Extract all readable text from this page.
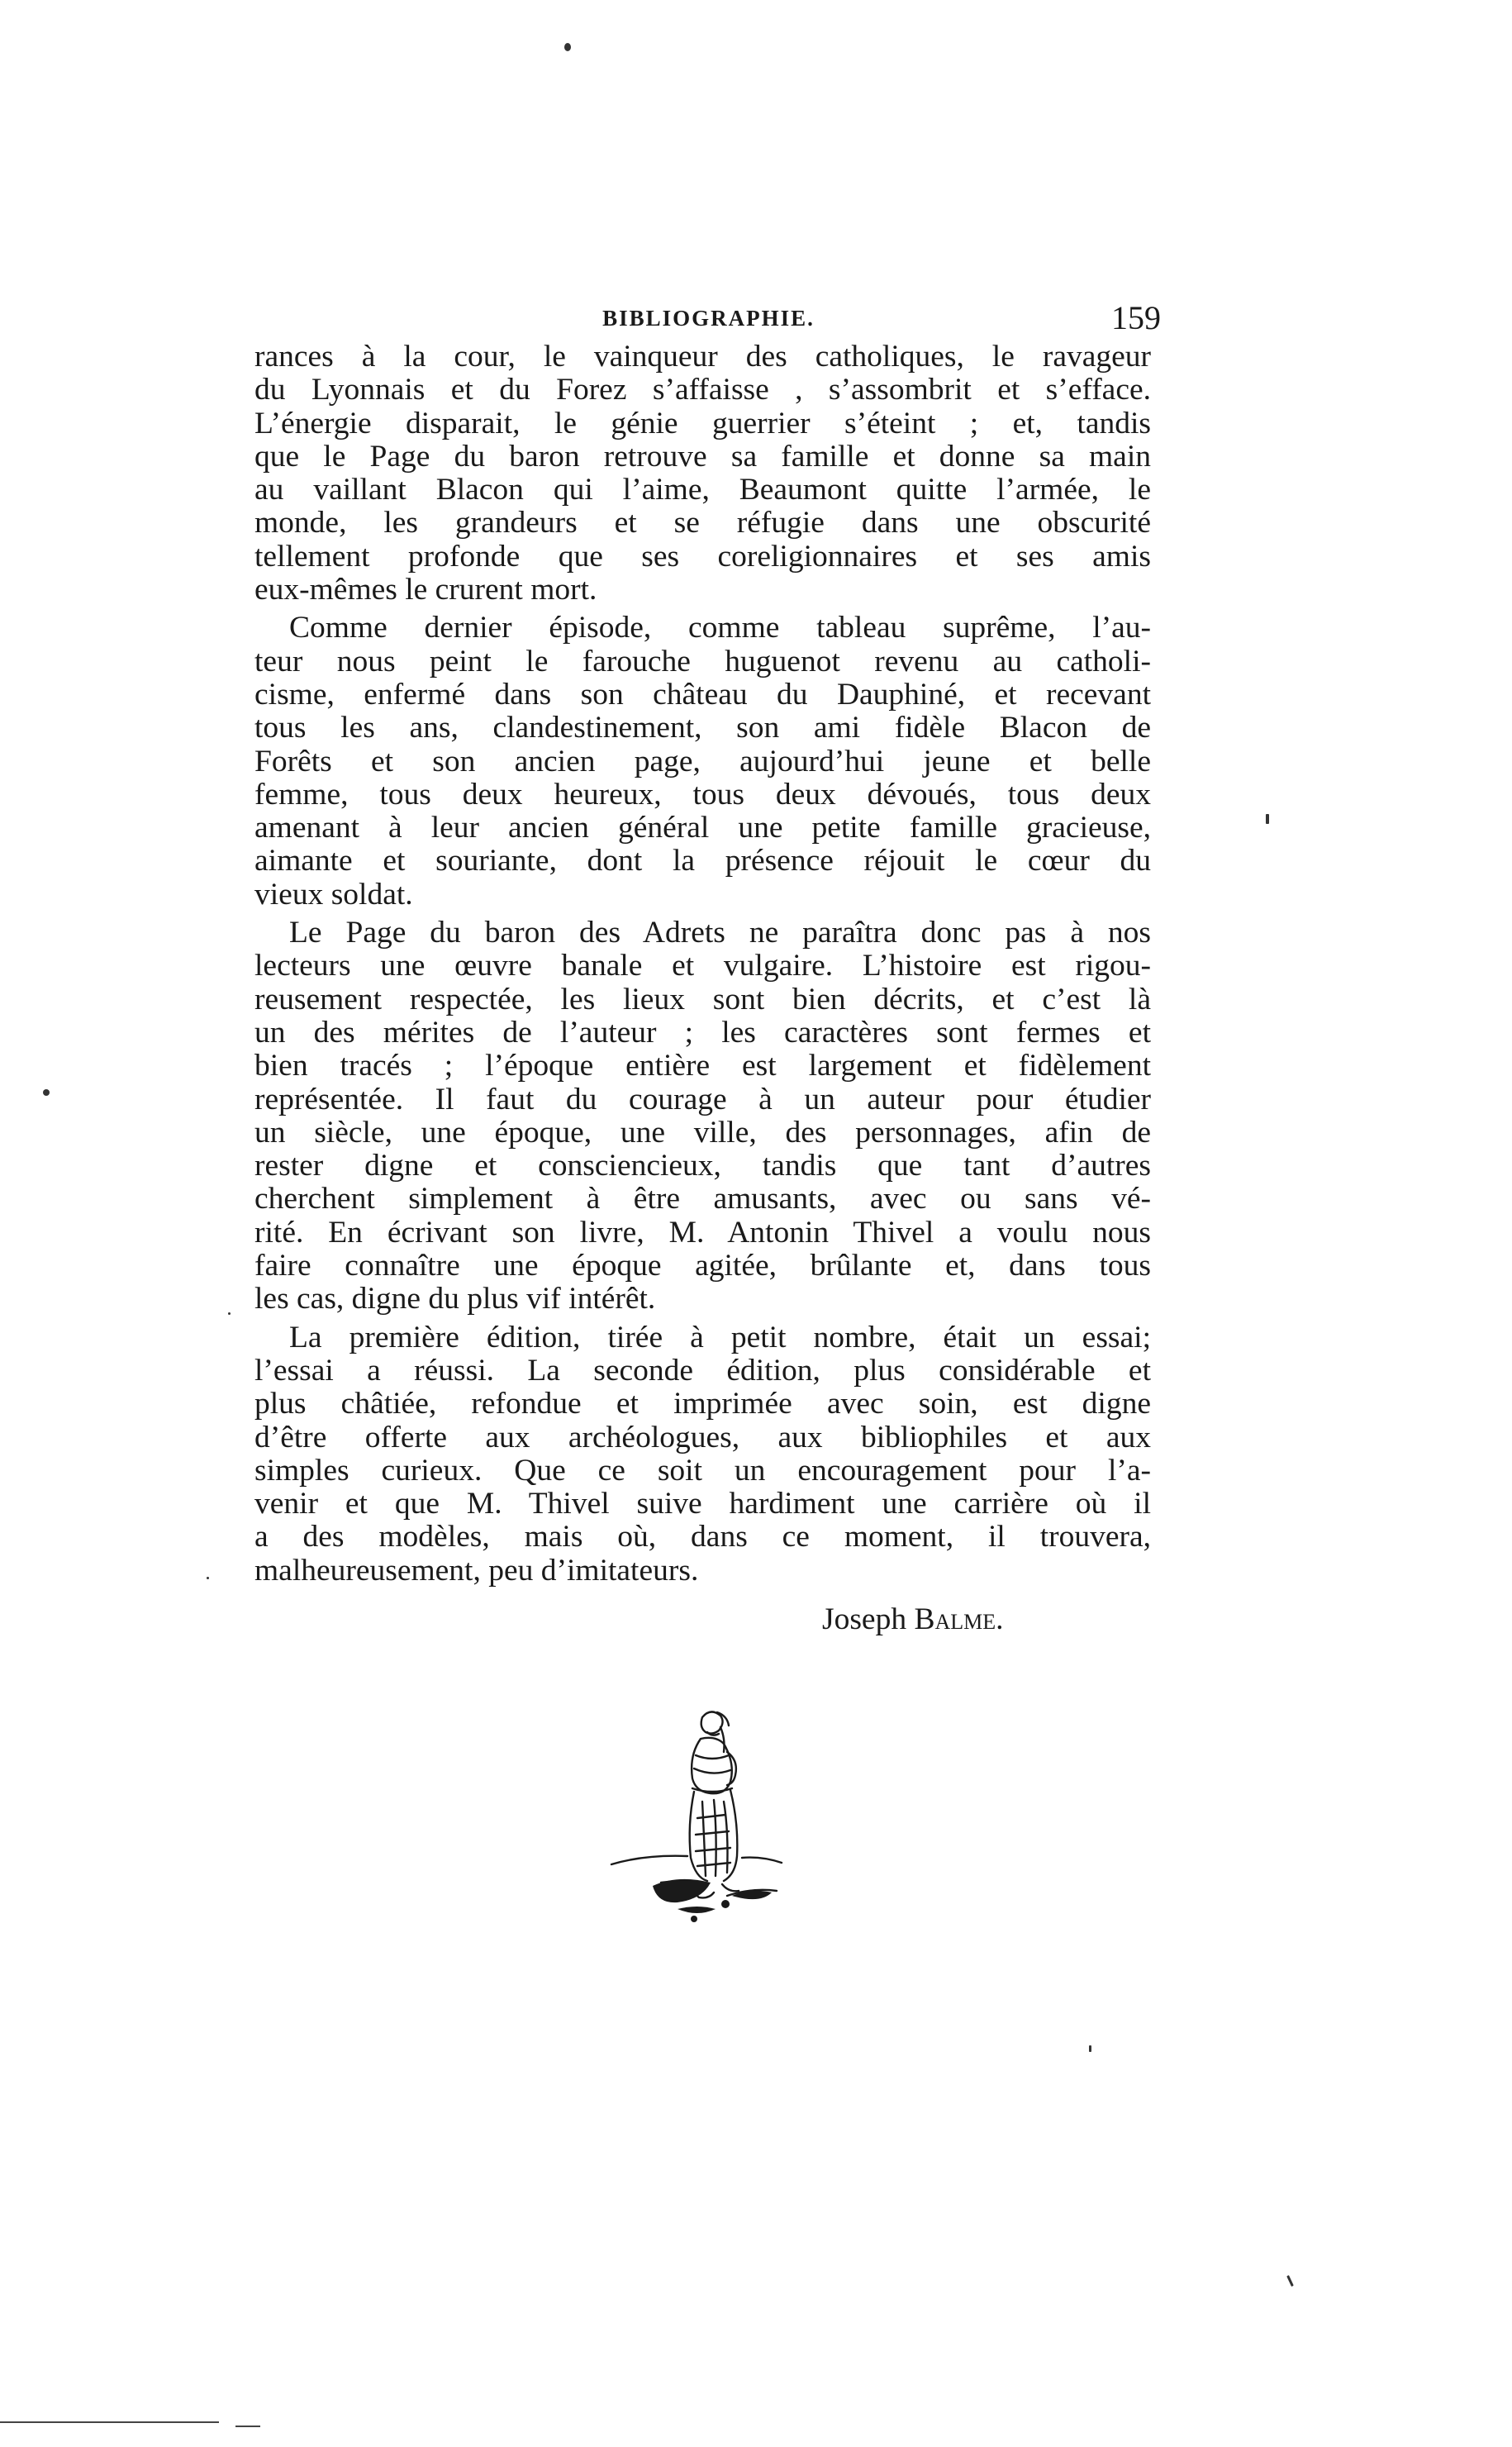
BIBLIOGRAPHIE.	159
rances à la cour, le vainqueur des catholiques, le ravageur
du Lyonnais et du Forez s’affaisse , s’assombrit et s’efface.
L’énergie disparait, le génie guerrier s’éteint ; et, tandis
que le Page du baron retrouve sa famille et donne sa main
au vaillant Blacon qui l’aime, Beaumont quitte l’armée, le
monde, les grandeurs et se réfugie dans une obscurité
tellement profonde que ses coreligionnaires et ses amis
eux-mêmes le crurent mort.
Comme dernier épisode, comme tableau suprême, l’au-
teur nous peint le farouche huguenot revenu au catholi-
cisme, enfermé dans son château du Dauphiné, et recevant
tous les ans, clandestinement, son ami fidèle Blacon de
Forêts et son ancien page, aujourd’hui jeune et belle
femme, tous deux heureux, tous deux dévoués, tous deux
amenant à leur ancien général une petite famille gracieuse,
aimante et souriante, dont la présence réjouit le cœur du
vieux soldat.
Le Page du baron des Adrets ne paraîtra donc pas à nos
lecteurs une œuvre banale et vulgaire. L’histoire est rigou-
reusement respectée, les lieux sont bien décrits, et c’est là
un des mérites de l’auteur ; les caractères sont fermes et
bien tracés ; l’époque entière est largement et fidèlement
représentée. Il faut du courage à un auteur pour étudier
un siècle, une époque, une ville, des personnages, afin de
rester digne et consciencieux, tandis que tant d’autres
cherchent simplement à être amusants, avec ou sans vé-
rité. En écrivant son livre, M. Antonin Thivel a voulu nous
faire connaître une époque agitée, brûlante et, dans tous
les cas, digne du plus vif intérêt.
La première édition, tirée à petit nombre, était un essai;
l’essai a réussi. La seconde édition, plus considérable et
plus châtiée, refondue et imprimée avec soin, est digne
d’être offerte aux archéologues, aux bibliophiles et aux
simples curieux. Que ce soit un encouragement pour l’a-
venir et que M. Thivel suive hardiment une carrière où il
a des modèles, mais où, dans ce moment, il trouvera,
malheureusement, peu d’imitateurs.
Joseph Balme.
